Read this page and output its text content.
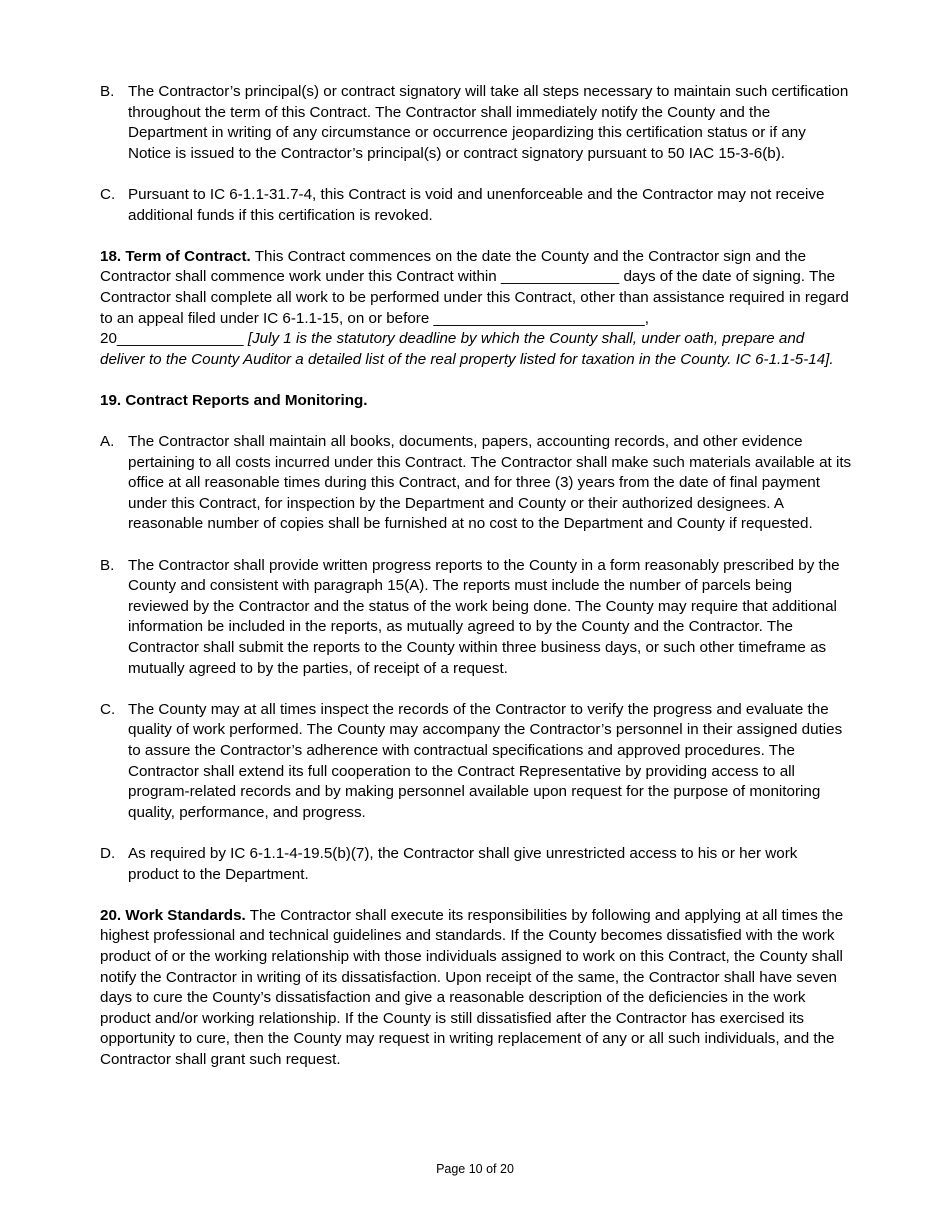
B. The Contractor’s principal(s) or contract signatory will take all steps necessary to maintain such certification throughout the term of this Contract. The Contractor shall immediately notify the County and the Department in writing of any circumstance or occurrence jeopardizing this certification status or if any Notice is issued to the Contractor’s principal(s) or contract signatory pursuant to 50 IAC 15-3-6(b).
C. Pursuant to IC 6-1.1-31.7-4, this Contract is void and unenforceable and the Contractor may not receive additional funds if this certification is revoked.
18. Term of Contract. This Contract commences on the date the County and the Contractor sign and the Contractor shall commence work under this Contract within ______________ days of the date of signing. The Contractor shall complete all work to be performed under this Contract, other than assistance required in regard to an appeal filed under IC 6-1.1-15, on or before _________________________,
20_______________ [July 1 is the statutory deadline by which the County shall, under oath, prepare and deliver to the County Auditor a detailed list of the real property listed for taxation in the County. IC 6-1.1-5-14].
19. Contract Reports and Monitoring.
A. The Contractor shall maintain all books, documents, papers, accounting records, and other evidence pertaining to all costs incurred under this Contract. The Contractor shall make such materials available at its office at all reasonable times during this Contract, and for three (3) years from the date of final payment under this Contract, for inspection by the Department and County or their authorized designees. A reasonable number of copies shall be furnished at no cost to the Department and County if requested.
B. The Contractor shall provide written progress reports to the County in a form reasonably prescribed by the County and consistent with paragraph 15(A). The reports must include the number of parcels being reviewed by the Contractor and the status of the work being done. The County may require that additional information be included in the reports, as mutually agreed to by the County and the Contractor. The Contractor shall submit the reports to the County within three business days, or such other timeframe as mutually agreed to by the parties, of receipt of a request.
C. The County may at all times inspect the records of the Contractor to verify the progress and evaluate the quality of work performed. The County may accompany the Contractor’s personnel in their assigned duties to assure the Contractor’s adherence with contractual specifications and approved procedures. The Contractor shall extend its full cooperation to the Contract Representative by providing access to all program-related records and by making personnel available upon request for the purpose of monitoring quality, performance, and progress.
D. As required by IC 6-1.1-4-19.5(b)(7), the Contractor shall give unrestricted access to his or her work product to the Department.
20. Work Standards. The Contractor shall execute its responsibilities by following and applying at all times the highest professional and technical guidelines and standards. If the County becomes dissatisfied with the work product of or the working relationship with those individuals assigned to work on this Contract, the County shall notify the Contractor in writing of its dissatisfaction. Upon receipt of the same, the Contractor shall have seven days to cure the County’s dissatisfaction and give a reasonable description of the deficiencies in the work product and/or working relationship. If the County is still dissatisfied after the Contractor has exercised its opportunity to cure, then the County may request in writing replacement of any or all such individuals, and the Contractor shall grant such request.
Page 10 of 20
